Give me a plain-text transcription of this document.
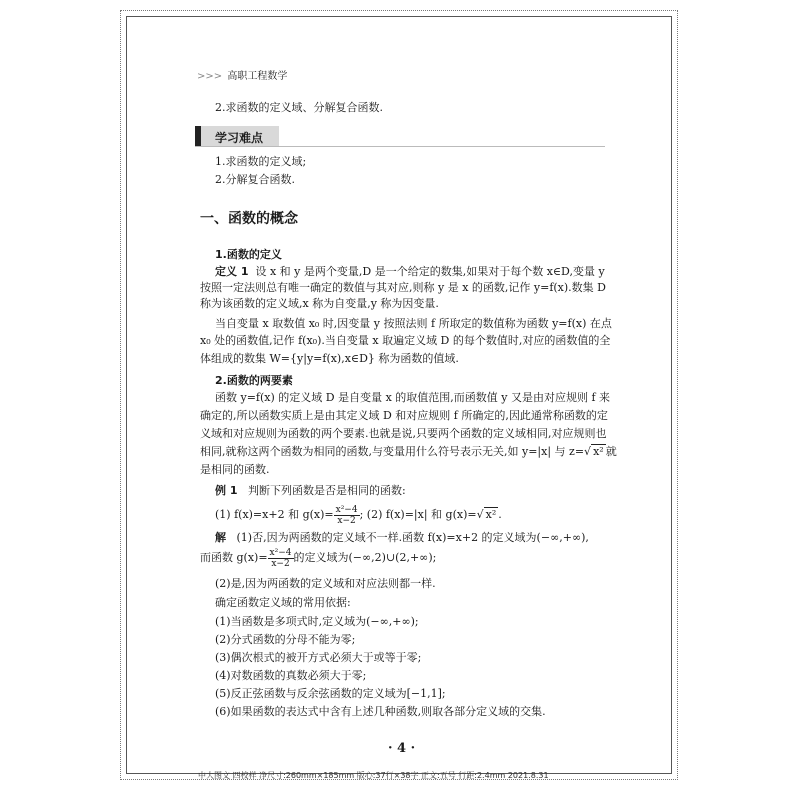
>>> 高职工程数学
2.求函数的定义域、分解复合函数.
学习难点
1.求函数的定义域;
2.分解复合函数.
一、函数的概念
1.函数的定义
定义 1 设 x 和 y 是两个变量,D 是一个给定的数集,如果对于每个数 x∈D,变量 y
按照一定法则总有唯一确定的数值与其对应,则称 y 是 x 的函数,记作 y=f(x).数集 D
称为该函数的定义域,x 称为自变量,y 称为因变量.
当自变量 x 取数值 x₀ 时,因变量 y 按照法则 f 所取定的数值称为函数 y=f(x) 在点
x₀ 处的函数值,记作 f(x₀).当自变量 x 取遍定义域 D 的每个数值时,对应的函数值的全
体组成的数集 W={y|y=f(x),x∈D} 称为函数的值域.
2.函数的两要素
函数 y=f(x) 的定义域 D 是自变量 x 的取值范围,而函数值 y 又是由对应规则 f 来
确定的,所以函数实质上是由其定义域 D 和对应规则 f 所确定的,因此通常称函数的定
义域和对应规则为函数的两个要素.也就是说,只要两个函数的定义域相同,对应规则也
相同,就称这两个函数为相同的函数,与变量用什么符号表示无关,如 y=|x| 与 z=√ x² 就
是相同的函数.
例 1 判断下列函数是否是相同的函数:
(1) f(x)=x+2 和 $g(x)= \frac{\text{x²−4}}{x-2}$ ; (2) f(x)=|x| 和 g(x)=√ x² .
解 (1)否,因为两函数的定义域不一样.函数 f(x)=x+2 的定义域为(−∞,+∞),
而函数 $g(x)= \frac{\text{x²−4}}{x-2}$ 的定义域为(−∞,2)∪(2,+∞);
(2)是,因为两函数的定义域和对应法则都一样.
确定函数定义域的常用依据:
(1)当函数是多项式时,定义域为(−∞,+∞);
(2)分式函数的分母不能为零;
(3)偶次根式的被开方式必须大于或等于零;
(4)对数函数的真数必须大于零;
(5)反正弦函数与反余弦函数的定义域为[−1,1];
(6)如果函数的表达式中含有上述几种函数,则取各部分定义域的交集.
· 4 ·
中大图文 四校样 净尺寸:260mm×185mm 版心:37行×38字 正文:五号 行距:2.4mm 2021.8.31
